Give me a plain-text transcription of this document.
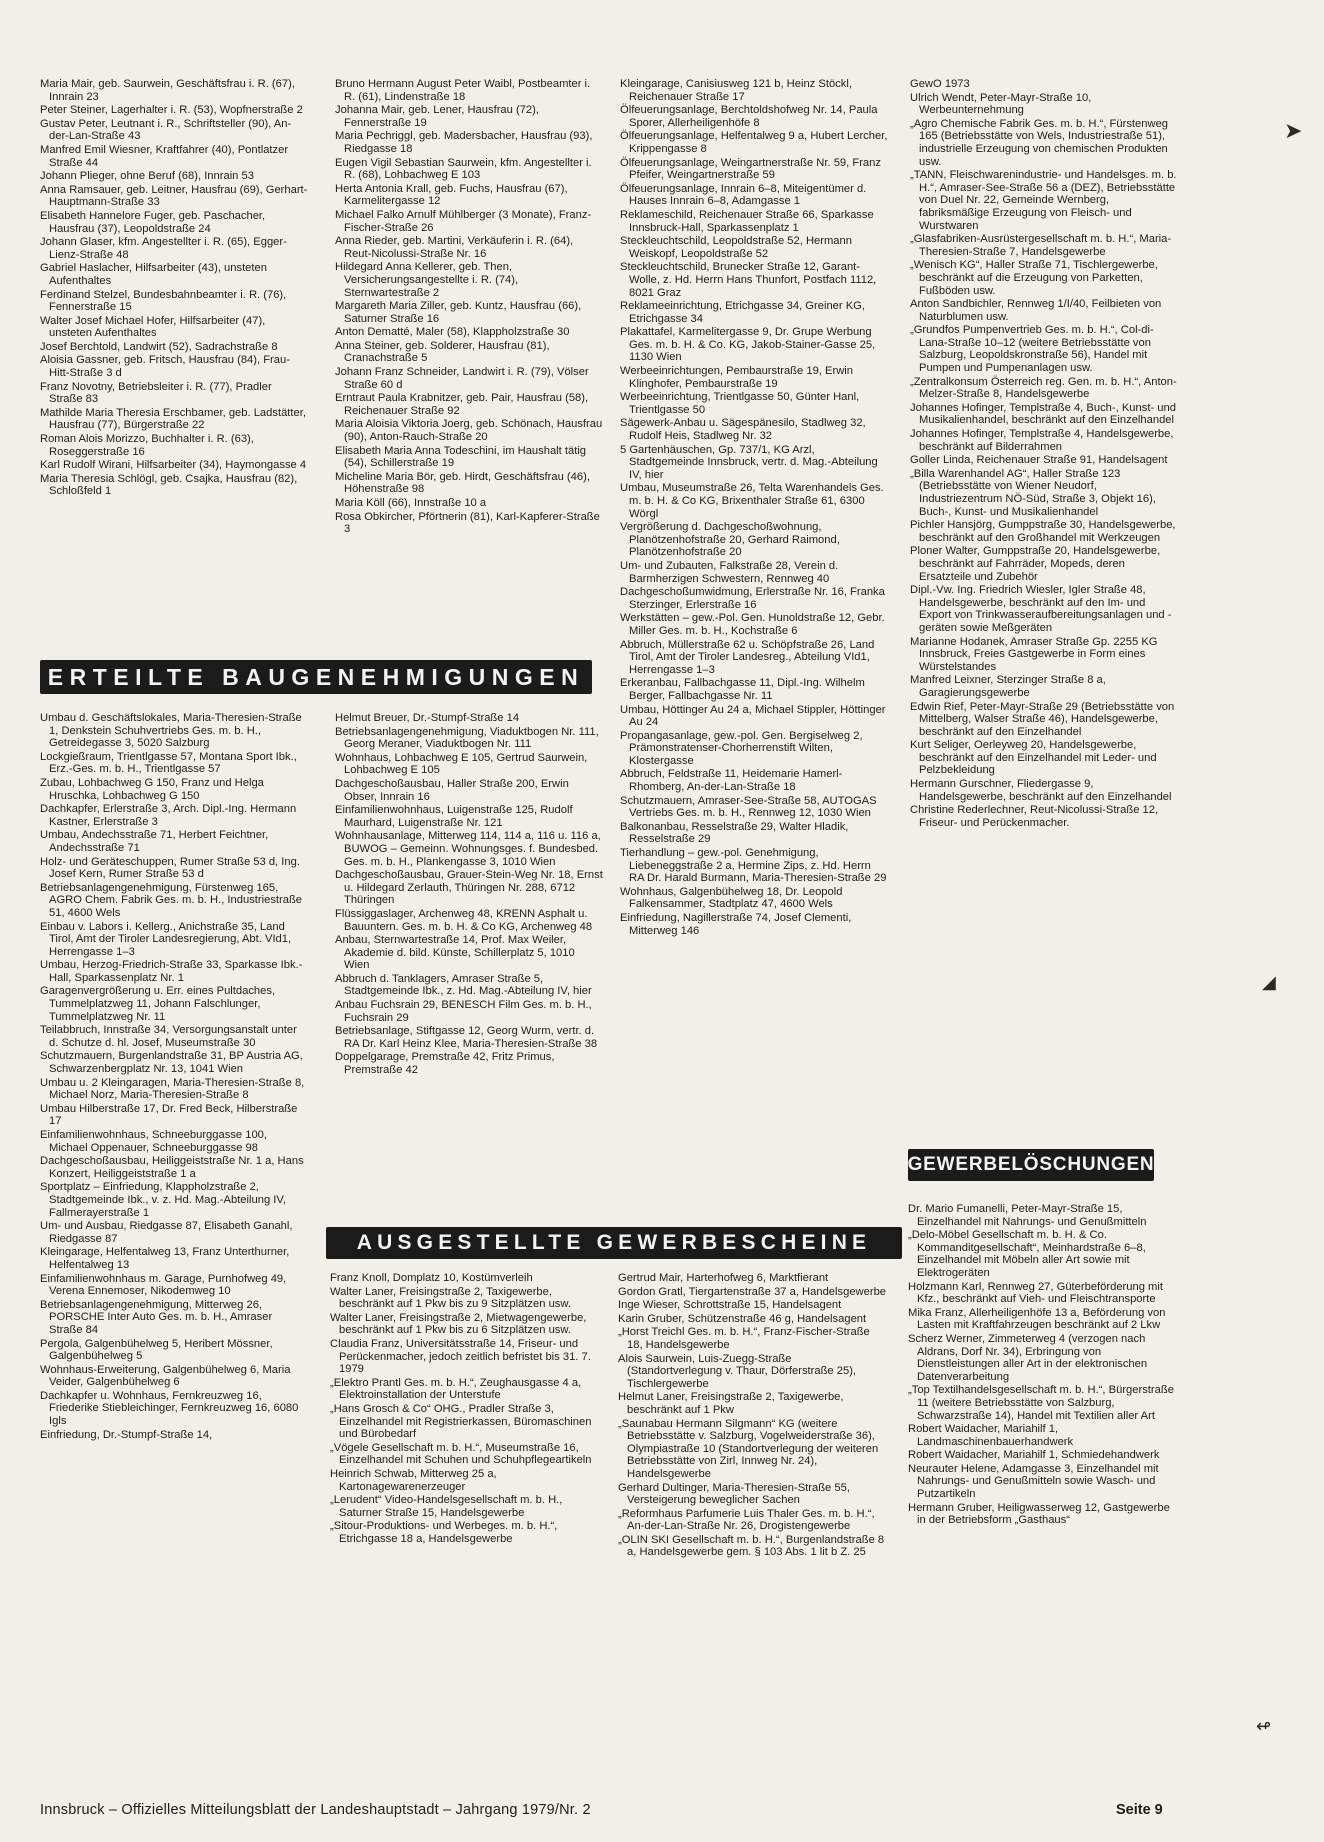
Maria Mair, geb. Saurwein, Geschäftsfrau i. R. (67), Innrain 23

Peter Steiner, Lagerhalter i. R. (53), Wopfnerstraße 2

Gustav Peter, Leutnant i. R., Schriftsteller (90), An-der-Lan-Straße 43

Manfred Emil Wiesner, Kraftfahrer (40), Pontlatzer Straße 44

Johann Plieger, ohne Beruf (68), Innrain 53

Anna Ramsauer, geb. Leitner, Hausfrau (69), Gerhart-Hauptmann-Straße 33

Elisabeth Hannelore Fuger, geb. Paschacher, Hausfrau (37), Leopoldstraße 24

Johann Glaser, kfm. Angestellter i. R. (65), Egger-Lienz-Straße 48

Gabriel Haslacher, Hilfsarbeiter (43), unsteten Aufenthaltes

Ferdinand Stelzel, Bundesbahnbeamter i. R. (76), Fennerstraße 15

Walter Josef Michael Hofer, Hilfsarbeiter (47), unsteten Aufenthaltes

Josef Berchtold, Landwirt (52), Sadrachstraße 8

Aloisia Gassner, geb. Fritsch, Hausfrau (84), Frau-Hitt-Straße 3 d

Franz Novotny, Betriebsleiter i. R. (77), Pradler Straße 83

Mathilde Maria Theresia Erschbamer, geb. Ladstätter, Hausfrau (77), Bürgerstraße 22

Roman Alois Morizzo, Buchhalter i. R. (63), Roseggerstraße 16

Karl Rudolf Wirani, Hilfsarbeiter (34), Haymongasse 4

Maria Theresia Schlögl, geb. Csajka, Hausfrau (82), Schloßfeld 1

Bruno Hermann August Peter Waibl, Postbeamter i. R. (61), Lindenstraße 18

Johanna Mair, geb. Lener, Hausfrau (72), Fennerstraße 19

Maria Pechriggl, geb. Madersbacher, Hausfrau (93), Riedgasse 18

Eugen Vigil Sebastian Saurwein, kfm. Angestellter i. R. (68), Lohbachweg E 103

Herta Antonia Krall, geb. Fuchs, Hausfrau (67), Karmelitergasse 12

Michael Falko Arnulf Mühlberger (3 Monate), Franz-Fischer-Straße 26

Anna Rieder, geb. Martini, Verkäuferin i. R. (64), Reut-Nicolussi-Straße Nr. 16

Hildegard Anna Kellerer, geb. Then, Versicherungsangestellte i. R. (74), Sternwartestraße 2

Margareth Maria Ziller, geb. Kuntz, Hausfrau (66), Saturner Straße 16

Anton Dematté, Maler (58), Klappholzstraße 30

Anna Steiner, geb. Solderer, Hausfrau (81), Cranachstraße 5

Johann Franz Schneider, Landwirt i. R. (79), Völser Straße 60 d

Erntraut Paula Krabnitzer, geb. Pair, Hausfrau (58), Reichenauer Straße 92

Maria Aloisia Viktoria Joerg, geb. Schönach, Hausfrau (90), Anton-Rauch-Straße 20

Elisabeth Maria Anna Todeschini, im Haushalt tätig (54), Schillerstraße 19

Micheline Maria Bör, geb. Hirdt, Geschäftsfrau (46), Höhenstraße 98

Maria Köll (66), Innstraße 10 a

Rosa Obkircher, Pförtnerin (81), Karl-Kapferer-Straße 3

Kleingarage, Canisiusweg 121 b, Heinz Stöckl, Reichenauer Straße 17

Ölfeuerungsanlage, Berchtoldshofweg Nr. 14, Paula Sporer, Allerheiligenhöfe 8

Ölfeuerungsanlage, Helfentalweg 9 a, Hubert Lercher, Krippengasse 8

Ölfeuerungsanlage, Weingartnerstraße Nr. 59, Franz Pfeifer, Weingartnerstraße 59

Ölfeuerungsanlage, Innrain 6–8, Miteigentümer d. Hauses Innrain 6–8, Adamgasse 1

Reklameschild, Reichenauer Straße 66, Sparkasse Innsbruck-Hall, Sparkassenplatz 1

Steckleuchtschild, Leopoldstraße 52, Hermann Weiskopf, Leopoldstraße 52

Steckleuchtschild, Brunecker Straße 12, Garant-Wolle, z. Hd. Herrn Hans Thunfort, Postfach 1112, 8021 Graz

Reklameeinrichtung, Etrichgasse 34, Greiner KG, Etrichgasse 34

Plakattafel, Karmelitergasse 9, Dr. Grupe Werbung Ges. m. b. H. & Co. KG, Jakob-Stainer-Gasse 25, 1130 Wien

Werbeeinrichtungen, Pembaurstraße 19, Erwin Klinghofer, Pembaurstraße 19

Werbeeinrichtung, Trientlgasse 50, Günter Hanl, Trientlgasse 50

Sägewerk-Anbau u. Sägespänesilo, Stadlweg 32, Rudolf Heis, Stadlweg Nr. 32

5 Gartenhäuschen, Gp. 737/1, KG Arzl, Stadtgemeinde Innsbruck, vertr. d. Mag.-Abteilung IV, hier

Umbau, Museumstraße 26, Telta Warenhandels Ges. m. b. H. & Co KG, Brixenthaler Straße 61, 6300 Wörgl

Vergrößerung d. Dachgeschoßwohnung, Planötzenhofstraße 20, Gerhard Raimond, Planötzenhofstraße 20

Um- und Zubauten, Falkstraße 28, Verein d. Barmherzigen Schwestern, Rennweg 40

Dachgeschoßumwidmung, Erlerstraße Nr. 16, Franka Sterzinger, Erlerstraße 16

Werkstätten – gew.-Pol. Gen. Hunoldstraße 12, Gebr. Miller Ges. m. b. H., Kochstraße 6

Abbruch, Müllerstraße 62 u. Schöpfstraße 26, Land Tirol, Amt der Tiroler Landesreg., Abteilung VId1, Herrengasse 1–3

Erkeranbau, Fallbachgasse 11, Dipl.-Ing. Wilhelm Berger, Fallbachgasse Nr. 11

Umbau, Höttinger Au 24 a, Michael Stippler, Höttinger Au 24

Propangasanlage, gew.-pol. Gen. Bergiselweg 2, Prämonstratenser-Chorherrenstift Wilten, Klostergasse

Abbruch, Feldstraße 11, Heidemarie Hamerl-Rhomberg, An-der-Lan-Straße 18

Schutzmauern, Amraser-See-Straße 58, AUTOGAS Vertriebs Ges. m. b. H., Rennweg 12, 1030 Wien

Balkonanbau, Resselstraße 29, Walter Hladik, Resselstraße 29

Tierhandlung – gew.-pol. Genehmigung, Liebeneggstraße 2 a, Hermine Zips, z. Hd. Herrn RA Dr. Harald Burmann, Maria-Theresien-Straße 29

Wohnhaus, Galgenbühelweg 18, Dr. Leopold Falkensammer, Stadtplatz 47, 4600 Wels

Einfriedung, Nagillerstraße 74, Josef Clementi, Mitterweg 146

GewO 1973

Ulrich Wendt, Peter-Mayr-Straße 10, Werbeunternehmung

„Agro Chemische Fabrik Ges. m. b. H.“, Fürstenweg 165 (Betriebsstätte von Wels, Industriestraße 51), industrielle Erzeugung von chemischen Produkten usw.

„TANN, Fleischwarenindustrie- und Handelsges. m. b. H.“, Amraser-See-Straße 56 a (DEZ), Betriebsstätte von Duel Nr. 22, Gemeinde Wernberg, fabriksmäßige Erzeugung von Fleisch- und Wurstwaren

„Glasfabriken-Ausrüstergesellschaft m. b. H.“, Maria-Theresien-Straße 7, Handelsgewerbe

„Wenisch KG“, Haller Straße 71, Tischlergewerbe, beschränkt auf die Erzeugung von Parketten, Fußböden usw.

Anton Sandbichler, Rennweg 1/I/40, Feilbieten von Naturblumen usw.

„Grundfos Pumpenvertrieb Ges. m. b. H.“, Col-di-Lana-Straße 10–12 (weitere Betriebsstätte von Salzburg, Leopoldskronstraße 56), Handel mit Pumpen und Pumpenanlagen usw.

„Zentralkonsum Österreich reg. Gen. m. b. H.“, Anton-Melzer-Straße 8, Handelsgewerbe

Johannes Hofinger, Templstraße 4, Buch-, Kunst- und Musikalienhandel, beschränkt auf den Einzelhandel

Johannes Hofinger, Templstraße 4, Handelsgewerbe, beschränkt auf Bilderrahmen

Goller Linda, Reichenauer Straße 91, Handelsagent

„Billa Warenhandel AG“, Haller Straße 123 (Betriebsstätte von Wiener Neudorf, Industriezentrum NÖ-Süd, Straße 3, Objekt 16), Buch-, Kunst- und Musikalienhandel

Pichler Hansjörg, Gumppstraße 30, Handelsgewerbe, beschränkt auf den Großhandel mit Werkzeugen

Ploner Walter, Gumppstraße 20, Handelsgewerbe, beschränkt auf Fahrräder, Mopeds, deren Ersatzteile und Zubehör

Dipl.-Vw. Ing. Friedrich Wiesler, Igler Straße 48, Handelsgewerbe, beschränkt auf den Im- und Export von Trinkwasseraufbereitungsanlagen und -geräten sowie Meßgeräten

Marianne Hodanek, Amraser Straße Gp. 2255 KG Innsbruck, Freies Gastgewerbe in Form eines Würstelstandes

Manfred Leixner, Sterzinger Straße 8 a, Garagierungsgewerbe

Edwin Rief, Peter-Mayr-Straße 29 (Betriebsstätte von Mittelberg, Walser Straße 46), Handelsgewerbe, beschränkt auf den Einzelhandel

Kurt Seliger, Oerleyweg 20, Handelsgewerbe, beschränkt auf den Einzelhandel mit Leder- und Pelzbekleidung

Hermann Gurschner, Fliedergasse 9, Handelsgewerbe, beschränkt auf den Einzelhandel

Christine Rederlechner, Reut-Nicolussi-Straße 12, Friseur- und Perückenmacher.

ERTEILTE BAUGENEHMIGUNGEN

Umbau d. Geschäftslokales, Maria-Theresien-Straße 1, Denkstein Schuhvertriebs Ges. m. b. H., Getreidegasse 3, 5020 Salzburg

Lockgießraum, Trientlgasse 57, Montana Sport Ibk., Erz.-Ges. m. b. H., Trientlgasse 57

Zubau, Lohbachweg G 150, Franz und Helga Hruschka, Lohbachweg G 150

Dachkapfer, Erlerstraße 3, Arch. Dipl.-Ing. Hermann Kastner, Erlerstraße 3

Umbau, Andechsstraße 71, Herbert Feichtner, Andechsstraße 71

Holz- und Geräteschuppen, Rumer Straße 53 d, Ing. Josef Kern, Rumer Straße 53 d

Betriebsanlagengenehmigung, Fürstenweg 165, AGRO Chem. Fabrik Ges. m. b. H., Industriestraße 51, 4600 Wels

Einbau v. Labors i. Kellerg., Anichstraße 35, Land Tirol, Amt der Tiroler Landesregierung, Abt. VId1, Herrengasse 1–3

Umbau, Herzog-Friedrich-Straße 33, Sparkasse Ibk.-Hall, Sparkassenplatz Nr. 1

Garagenvergrößerung u. Err. eines Pultdaches, Tummelplatzweg 11, Johann Falschlunger, Tummelplatzweg Nr. 11

Teilabbruch, Innstraße 34, Versorgungsanstalt unter d. Schutze d. hl. Josef, Museumstraße 30

Schutzmauern, Burgenlandstraße 31, BP Austria AG, Schwarzenbergplatz Nr. 13, 1041 Wien

Umbau u. 2 Kleingaragen, Maria-Theresien-Straße 8, Michael Norz, Maria-Theresien-Straße 8

Umbau Hilberstraße 17, Dr. Fred Beck, Hilberstraße 17

Einfamilienwohnhaus, Schneeburggasse 100, Michael Oppenauer, Schneeburggasse 98

Dachgeschoßausbau, Heiliggeiststraße Nr. 1 a, Hans Konzert, Heiliggeiststraße 1 a

Sportplatz – Einfriedung, Klappholzstraße 2, Stadtgemeinde Ibk., v. z. Hd. Mag.-Abteilung IV, Fallmerayerstraße 1

Um- und Ausbau, Riedgasse 87, Elisabeth Ganahl, Riedgasse 87

Kleingarage, Helfentalweg 13, Franz Unterthurner, Helfentalweg 13

Einfamilienwohnhaus m. Garage, Purnhofweg 49, Verena Ennemoser, Nikodemweg 10

Betriebsanlagengenehmigung, Mitterweg 26, PORSCHE Inter Auto Ges. m. b. H., Amraser Straße 84

Pergola, Galgenbühelweg 5, Heribert Mössner, Galgenbühelweg 5

Wohnhaus-Erweiterung, Galgenbühelweg 6, Maria Veider, Galgenbühelweg 6

Dachkapfer u. Wohnhaus, Fernkreuzweg 16, Friederike Stiebleichinger, Fernkreuzweg 16, 6080 Igls

Einfriedung, Dr.-Stumpf-Straße 14,

Helmut Breuer, Dr.-Stumpf-Straße 14

Betriebsanlagengenehmigung, Viaduktbogen Nr. 111, Georg Meraner, Viaduktbogen Nr. 111

Wohnhaus, Lohbachweg E 105, Gertrud Saurwein, Lohbachweg E 105

Dachgeschoßausbau, Haller Straße 200, Erwin Obser, Innrain 16

Einfamilienwohnhaus, Luigenstraße 125, Rudolf Maurhard, Luigenstraße Nr. 121

Wohnhausanlage, Mitterweg 114, 114 a, 116 u. 116 a, BUWOG – Gemeinn. Wohnungsges. f. Bundesbed. Ges. m. b. H., Plankengasse 3, 1010 Wien

Dachgeschoßausbau, Grauer-Stein-Weg Nr. 18, Ernst u. Hildegard Zerlauth, Thüringen Nr. 288, 6712 Thüringen

Flüssiggaslager, Archenweg 48, KRENN Asphalt u. Bauuntern. Ges. m. b. H. & Co KG, Archenweg 48

Anbau, Sternwartestraße 14, Prof. Max Weiler, Akademie d. bild. Künste, Schillerplatz 5, 1010 Wien

Abbruch d. Tanklagers, Amraser Straße 5, Stadtgemeinde Ibk., z. Hd. Mag.-Abteilung IV, hier

Anbau Fuchsrain 29, BENESCH Film Ges. m. b. H., Fuchsrain 29

Betriebsanlage, Stiftgasse 12, Georg Wurm, vertr. d. RA Dr. Karl Heinz Klee, Maria-Theresien-Straße 38

Doppelgarage, Premstraße 42, Fritz Primus, Premstraße 42

AUSGESTELLTE GEWERBESCHEINE

Franz Knoll, Domplatz 10, Kostümverleih

Walter Laner, Freisingstraße 2, Taxigewerbe, beschränkt auf 1 Pkw bis zu 9 Sitzplätzen usw.

Walter Laner, Freisingstraße 2, Mietwagengewerbe, beschränkt auf 1 Pkw bis zu 6 Sitzplätzen usw.

Claudia Franz, Universitätsstraße 14, Friseur- und Perückenmacher, jedoch zeitlich befristet bis 31. 7. 1979

„Elektro Prantl Ges. m. b. H.“, Zeughausgasse 4 a, Elektroinstallation der Unterstufe

„Hans Grosch & Co“ OHG., Pradler Straße 3, Einzelhandel mit Registrierkassen, Büromaschinen und Bürobedarf

„Vögele Gesellschaft m. b. H.“, Museumstraße 16, Einzelhandel mit Schuhen und Schuhpflegeartikeln

Heinrich Schwab, Mitterweg 25 a, Kartonagewarenerzeuger

„Lerudent“ Video-Handelsgesellschaft m. b. H., Saturner Straße 15, Handelsgewerbe

„Sitour-Produktions- und Werbeges. m. b. H.“, Etrichgasse 18 a, Handelsgewerbe

Gertrud Mair, Harterhofweg 6, Marktfierant

Gordon Gratl, Tiergartenstraße 37 a, Handelsgewerbe

Inge Wieser, Schrottstraße 15, Handelsagent

Karin Gruber, Schützenstraße 46 g, Handelsagent

„Horst Treichl Ges. m. b. H.“, Franz-Fischer-Straße 18, Handelsgewerbe

Alois Saurwein, Luis-Zuegg-Straße (Standortverlegung v. Thaur, Dörferstraße 25), Tischlergewerbe

Helmut Laner, Freisingstraße 2, Taxigewerbe, beschränkt auf 1 Pkw

„Saunabau Hermann Silgmann“ KG (weitere Betriebsstätte v. Salzburg, Vogelweiderstraße 36), Olympiastraße 10 (Standortverlegung der weiteren Betriebsstätte von Zirl, Innweg Nr. 24), Handelsgewerbe

Gerhard Dultinger, Maria-Theresien-Straße 55, Versteigerung beweglicher Sachen

„Reformhaus Parfumerie Luis Thaler Ges. m. b. H.“, An-der-Lan-Straße Nr. 26, Drogistengewerbe

„OLIN SKI Gesellschaft m. b. H.“, Burgenlandstraße 8 a, Handelsgewerbe gem. § 103 Abs. 1 lit b Z. 25

GEWERBELÖSCHUNGEN

Dr. Mario Fumanelli, Peter-Mayr-Straße 15, Einzelhandel mit Nahrungs- und Genußmitteln

„Delo-Möbel Gesellschaft m. b. H. & Co. Kommanditgesellschaft“, Meinhardstraße 6–8, Einzelhandel mit Möbeln aller Art sowie mit Elektrogeräten

Holzmann Karl, Rennweg 27, Güterbeförderung mit Kfz., beschränkt auf Vieh- und Fleischtransporte

Mika Franz, Allerheiligenhöfe 13 a, Beförderung von Lasten mit Kraftfahrzeugen beschränkt auf 2 Lkw

Scherz Werner, Zimmeterweg 4 (verzogen nach Aldrans, Dorf Nr. 34), Erbringung von Dienstleistungen aller Art in der elektronischen Datenverarbeitung

„Top Textilhandelsgesellschaft m. b. H.“, Bürgerstraße 11 (weitere Betriebsstätte von Salzburg, Schwarzstraße 14), Handel mit Textilien aller Art

Robert Waidacher, Mariahilf 1, Landmaschinenbauerhandwerk

Robert Waidacher, Mariahilf 1, Schmiedehandwerk

Neurauter Helene, Adamgasse 3, Einzelhandel mit Nahrungs- und Genußmitteln sowie Wasch- und Putzartikeln

Hermann Gruber, Heiligwasserweg 12, Gastgewerbe in der Betriebsform „Gasthaus“

Innsbruck – Offizielles Mitteilungsblatt der Landeshauptstadt – Jahrgang 1979/Nr. 2	Seite 9
➤
◢
↫
